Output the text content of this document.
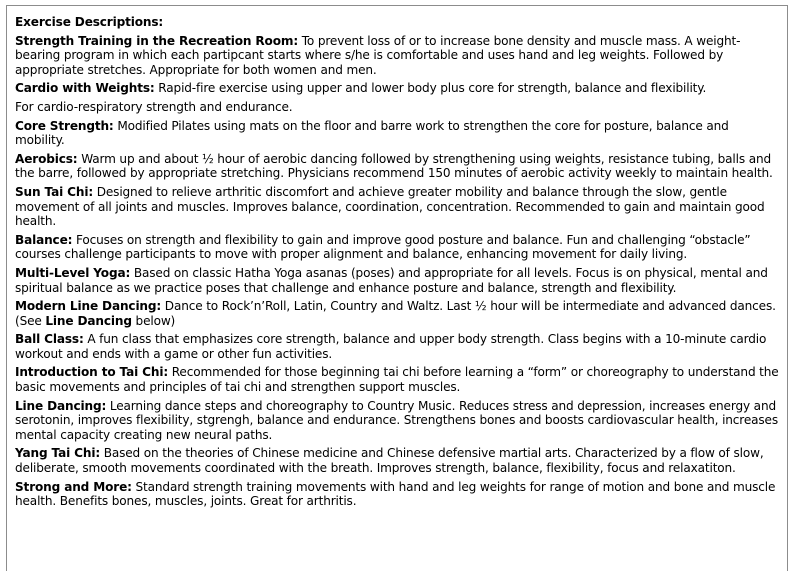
Exercise Descriptions:
Strength Training in the Recreation Room: To prevent loss of or to increase bone density and muscle mass. A weight-bearing program in which each partipcant starts where s/he is comfortable and uses hand and leg weights. Followed by appropriate stretches. Appropriate for both women and men.
Cardio with Weights: Rapid-fire exercise using upper and lower body plus core for strength, balance and flexibility.
For cardio-respiratory strength and endurance.
Core Strength: Modified Pilates using mats on the floor and barre work to strengthen the core for posture, balance and mobility.
Aerobics: Warm up and about ½ hour of aerobic dancing followed by strengthening using weights, resistance tubing, balls and the barre, followed by appropriate stretching. Physicians recommend 150 minutes of aerobic activity weekly to maintain health.
Sun Tai Chi: Designed to relieve arthritic discomfort and achieve greater mobility and balance through the slow, gentle movement of all joints and muscles. Improves balance, coordination, concentration. Recommended to gain and maintain good health.
Balance: Focuses on strength and flexibility to gain and improve good posture and balance. Fun and challenging “obstacle” courses challenge participants to move with proper alignment and balance, enhancing movement for daily living.
Multi-Level Yoga: Based on classic Hatha Yoga asanas (poses) and appropriate for all levels. Focus is on physical, mental and spiritual balance as we practice poses that challenge and enhance posture and balance, strength and flexibility.
Modern Line Dancing: Dance to Rock’n’Roll, Latin, Country and Waltz. Last ½ hour will be intermediate and advanced dances. (See Line Dancing below)
Ball Class: A fun class that emphasizes core strength, balance and upper body strength. Class begins with a 10-minute cardio workout and ends with a game or other fun activities.
Introduction to Tai Chi: Recommended for those beginning tai chi before learning a “form” or choreography to understand the basic movements and principles of tai chi and strengthen support muscles.
Line Dancing: Learning dance steps and choreography to Country Music. Reduces stress and depression, increases energy and serotonin, improves flexibility, stgrengh, balance and endurance. Strengthens bones and boosts cardiovascular health, increases mental capacity creating new neural paths.
Yang Tai Chi: Based on the theories of Chinese medicine and Chinese defensive martial arts. Characterized by a flow of slow, deliberate, smooth movements coordinated with the breath. Improves strength, balance, flexibility, focus and relaxatiton.
Strong and More: Standard strength training movements with hand and leg weights for range of motion and bone and muscle health. Benefits bones, muscles, joints. Great for arthritis.
